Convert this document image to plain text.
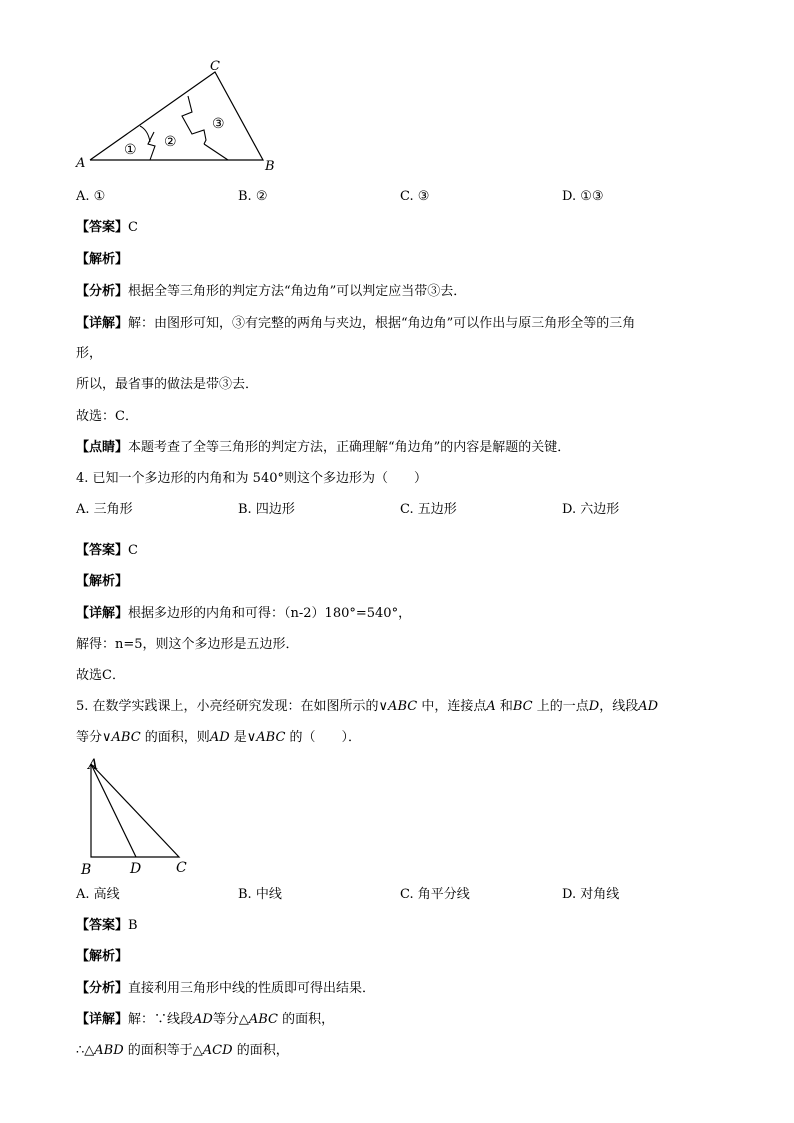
A	B
C
① ②
③
A. ①	B. ②	C. ③	D. ①③
【答案】C
【解析】
【分析】根据全等三角形的判定方法“角边角”可以判定应当带③去．
【详解】解：由图形可知，③有完整的两角与夹边，根据“角边角”可以作出与原三角形全等的三角
形，
所以，最省事的做法是带③去．
故选：C．
【点睛】本题考查了全等三角形的判定方法，正确理解“角边角”的内容是解题的关键．
4. 已知一个多边形的内角和为 540°则这个多边形为（　　）
A. 三角形	B. 四边形	C. 五边形	D. 六边形
【答案】C
【解析】
【详解】根据多边形的内角和可得：（n-2）180°=540°，
解得：n=5，则这个多边形是五边形．
故选C．
5. 在数学实践课上，小亮经研究发现：在如图所示的∨ABC 中，连接点A 和BC 上的一点D，线段AD
等分∨ABC 的面积，则AD 是∨ABC 的（　　）．
A
B	D C
A. 高线	B. 中线	C. 角平分线	D. 对角线
【答案】B
【解析】
【分析】直接利用三角形中线的性质即可得出结果．
【详解】解：∵线段AD等分△ABC 的面积，
∴△ABD 的面积等于△ACD 的面积，
